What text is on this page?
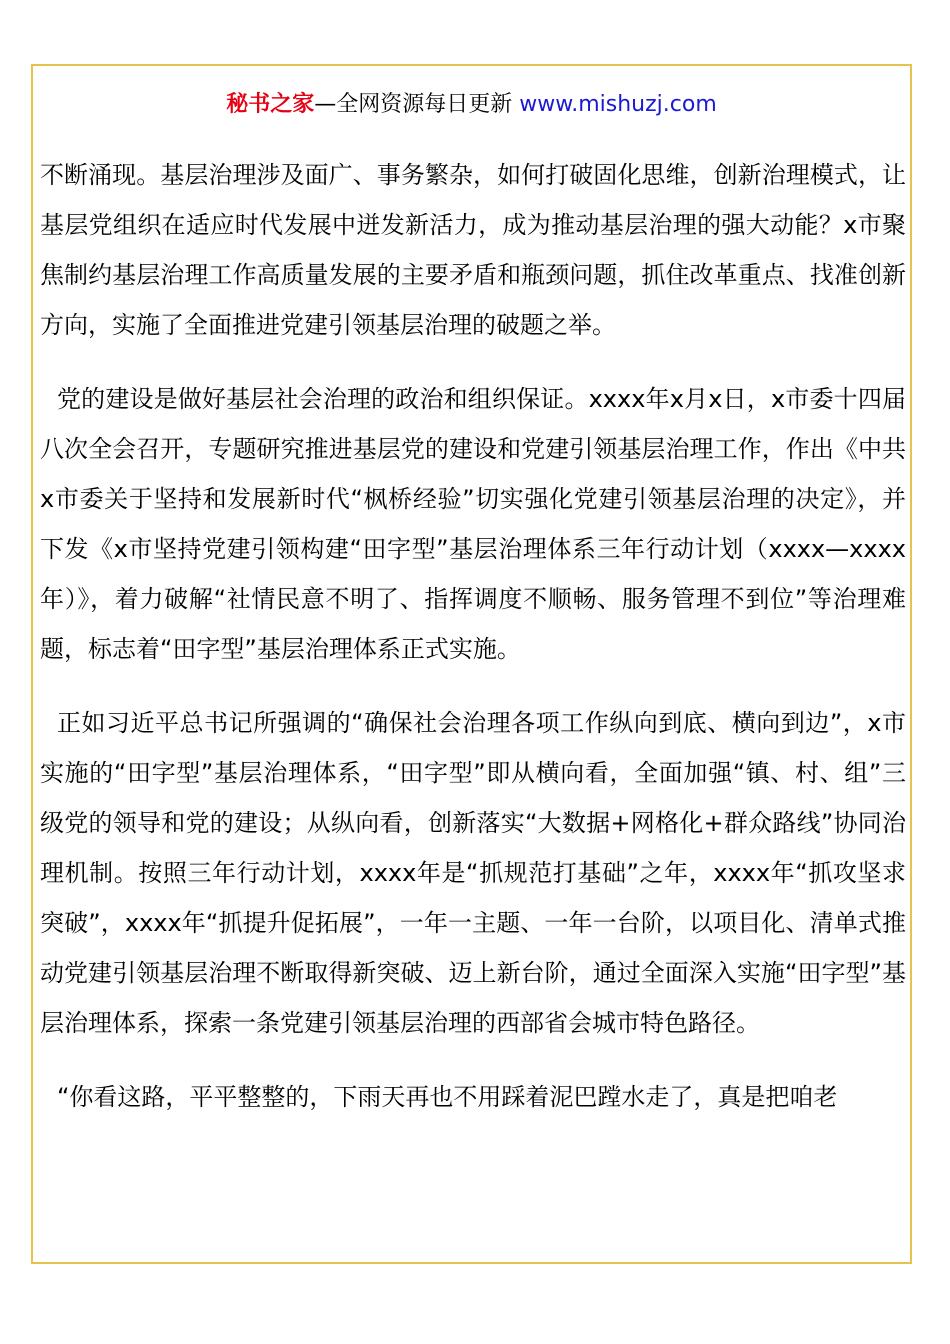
秘书之家—全网资源每日更新 www.mishuzj.com

不断涌现。基层治理涉及面广、事务繁杂，如何打破固化思维，创新治理模式，让基层党组织在适应时代发展中迸发新活力，成为推动基层治理的强大动能？x市聚焦制约基层治理工作高质量发展的主要矛盾和瓶颈问题，抓住改革重点、找准创新方向，实施了全面推进党建引领基层治理的破题之举。

党的建设是做好基层社会治理的政治和组织保证。xxxx年x月x日，x市委十四届八次全会召开，专题研究推进基层党的建设和党建引领基层治理工作，作出《中共x市委关于坚持和发展新时代“枫桥经验”切实强化党建引领基层治理的决定》，并下发《x市坚持党建引领构建“田字型”基层治理体系三年行动计划（xxxx—xxxx年）》，着力破解“社情民意不明了、指挥调度不顺畅、服务管理不到位”等治理难题，标志着“田字型”基层治理体系正式实施。

正如习近平总书记所强调的“确保社会治理各项工作纵向到底、横向到边”，x市实施的“田字型”基层治理体系，“田字型”即从横向看，全面加强“镇、村、组”三级党的领导和党的建设；从纵向看，创新落实“大数据+网格化+群众路线”协同治理机制。按照三年行动计划，xxxx年是“抓规范打基础”之年，xxxx年“抓攻坚求突破”，xxxx年“抓提升促拓展”，一年一主题、一年一台阶，以项目化、清单式推动党建引领基层治理不断取得新突破、迈上新台阶，通过全面深入实施“田字型”基层治理体系，探索一条党建引领基层治理的西部省会城市特色路径。

“你看这路，平平整整的，下雨天再也不用踩着泥巴蹚水走了，真是把咱老
